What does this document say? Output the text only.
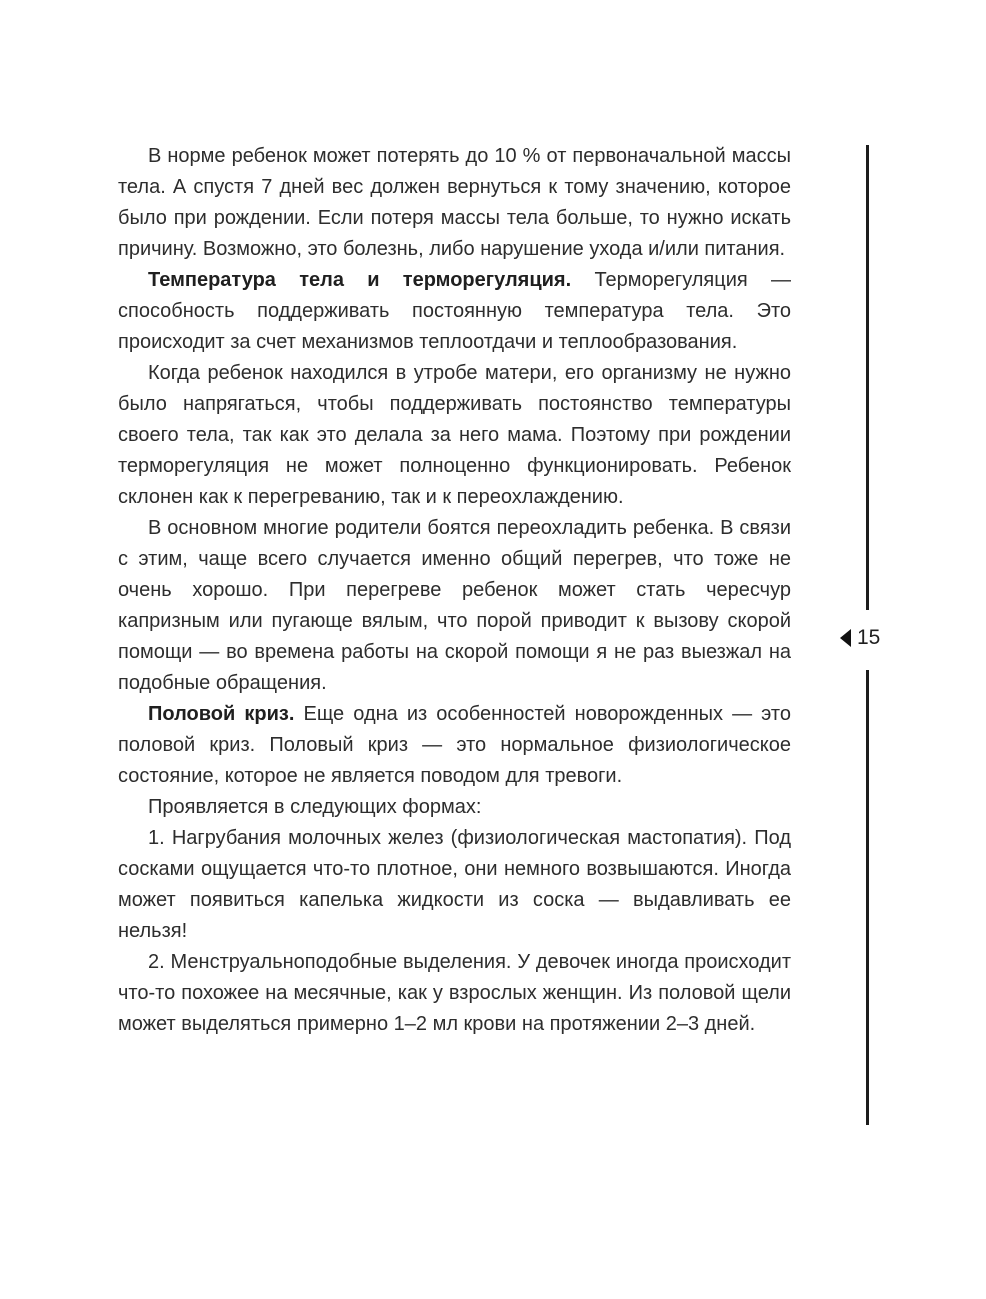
В норме ребенок может потерять до 10 % от первоначальной массы тела. А спустя 7 дней вес должен вернуться к тому значению, которое было при рождении. Если потеря массы тела больше, то нужно искать причину. Возможно, это болезнь, либо нарушение ухода и/или питания.

Температура тела и терморегуляция. Терморегуляция — способность поддерживать постоянную температура тела. Это происходит за счет механизмов теплоотдачи и теплообразования.

Когда ребенок находился в утробе матери, его организму не нужно было напрягаться, чтобы поддерживать постоянство температуры своего тела, так как это делала за него мама. Поэтому при рождении терморегуляция не может полноценно функционировать. Ребенок склонен как к перегреванию, так и к переохлаждению.

В основном многие родители боятся переохладить ребенка. В связи с этим, чаще всего случается именно общий перегрев, что тоже не очень хорошо. При перегреве ребенок может стать чересчур капризным или пугающе вялым, что порой приводит к вызову скорой помощи — во времена работы на скорой помощи я не раз выезжал на подобные обращения.

Половой криз. Еще одна из особенностей новорожденных — это половой криз. Половый криз — это нормальное физиологическое состояние, которое не является поводом для тревоги.

Проявляется в следующих формах:

1. Нагрубания молочных желез (физиологическая мастопатия). Под сосками ощущается что-то плотное, они немного возвышаются. Иногда может появиться капелька жидкости из соска — выдавливать ее нельзя!

2. Менструальноподобные выделения. У девочек иногда происходит что-то похожее на месячные, как у взрослых женщин. Из половой щели может выделяться примерно 1–2 мл крови на протяжении 2–3 дней.

15
